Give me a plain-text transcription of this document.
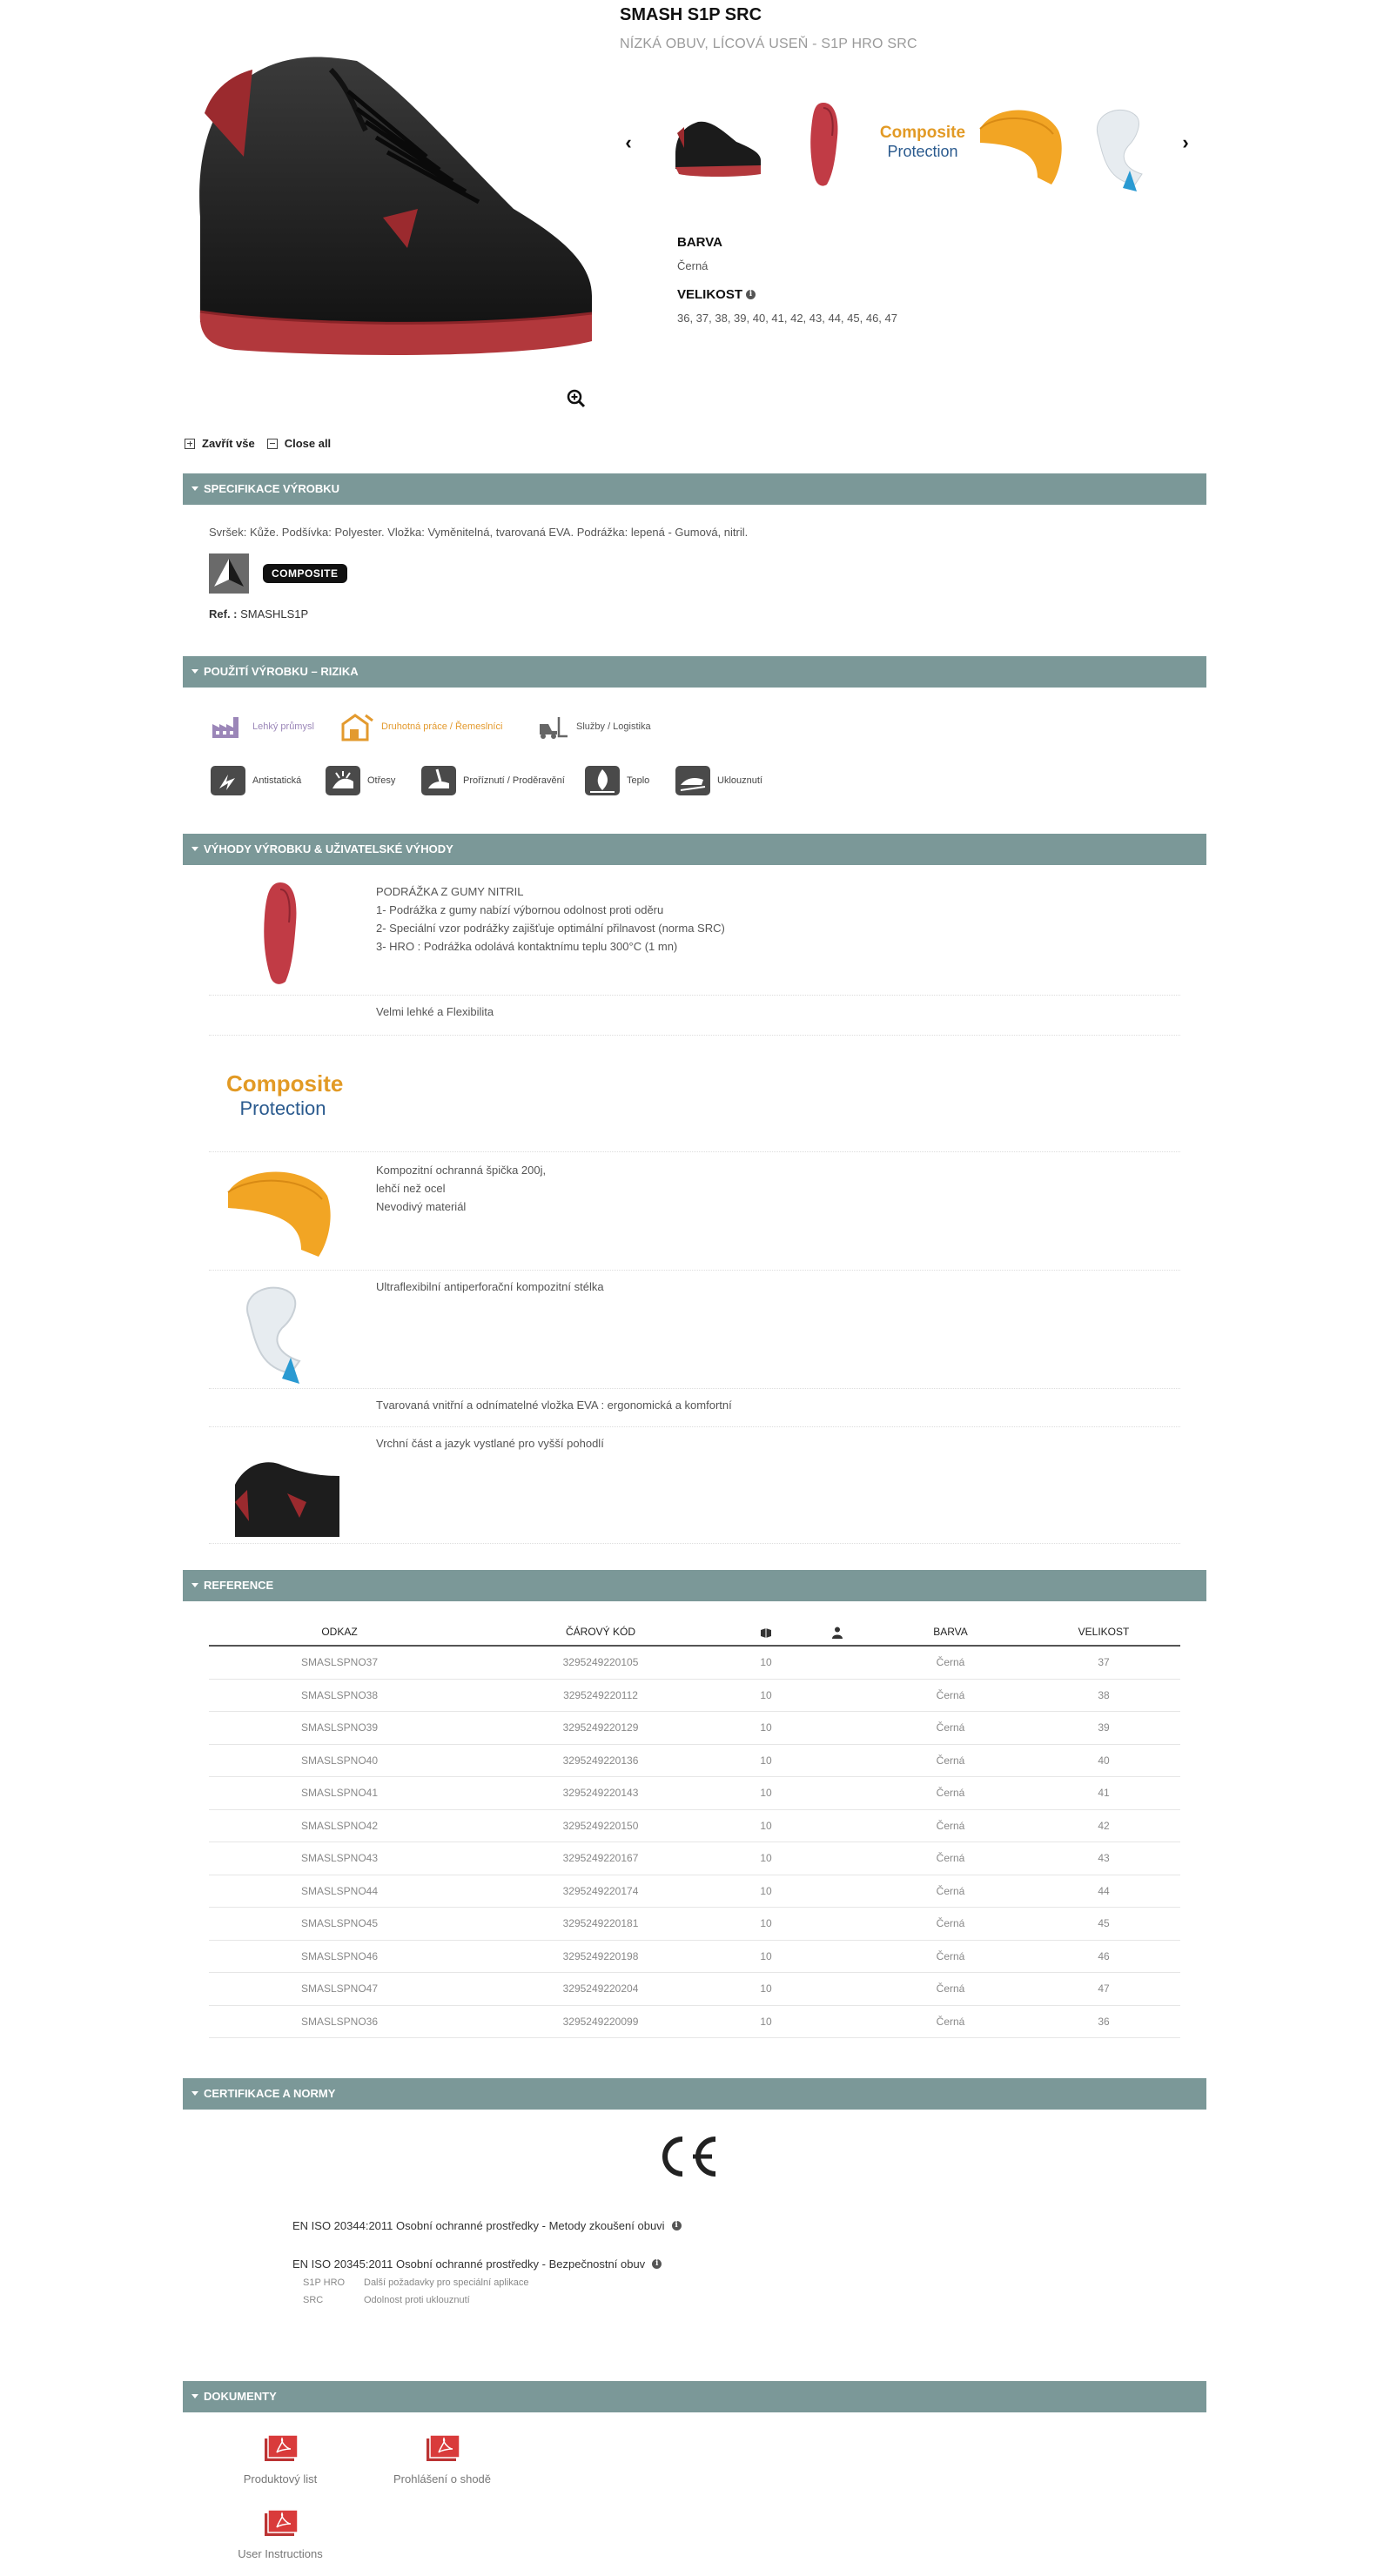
SMASH S1P SRC
NÍZKÁ OBUV, LÍCOVÁ USEŇ - S1P HRO SRC
‹	Composite
Protection	›
BARVA
Černá
VELIKOST i
36, 37, 38, 39, 40, 41, 42, 43, 44, 45, 46, 47
Zavřít vše	Close all
SPECIFIKACE VÝROBKU
Svršek: Kůže. Podšívka: Polyester. Vložka: Vyměnitelná, tvarovaná EVA. Podrážka: lepená - Gumová, nitril.
COMPOSITE
Ref. : SMASHLS1P
POUŽITÍ VÝROBKU – RIZIKA
Lehký průmysl	Druhotná práce / Řemeslníci	Služby / Logistika
Antistatická	Otřesy	Proříznutí / Proděravění	Teplo	Uklouznutí
VÝHODY VÝROBKU & UŽIVATELSKÉ VÝHODY
PODRÁŽKA Z GUMY NITRIL
1- Podrážka z gumy nabízí výbornou odolnost proti oděru
2- Speciální vzor podrážky zajišťuje optimální přilnavost (norma SRC)
3- HRO : Podrážka odolává kontaktnímu teplu 300°C (1 mn)
Velmi lehké a Flexibilita
Composite
Protection
Kompozitní ochranná špička 200j,
lehčí než ocel
Nevodivý materiál
Ultraflexibilní antiperforační kompozitní stélka
Tvarovaná vnitřní a odnímatelné vložka EVA : ergonomická a komfortní
Vrchní část a jazyk vystlané pro vyšší pohodlí
REFERENCE
ODKAZ	ČÁROVÝ KÓD	BARVA	VELIKOST
SMASLSPNO37	3295249220105	10	Černá	37
SMASLSPNO38	3295249220112	10	Černá	38
SMASLSPNO39	3295249220129	10	Černá	39
SMASLSPNO40	3295249220136	10	Černá	40
SMASLSPNO41	3295249220143	10	Černá	41
SMASLSPNO42	3295249220150	10	Černá	42
SMASLSPNO43	3295249220167	10	Černá	43
SMASLSPNO44	3295249220174	10	Černá	44
SMASLSPNO45	3295249220181	10	Černá	45
SMASLSPNO46	3295249220198	10	Černá	46
SMASLSPNO47	3295249220204	10	Černá	47
SMASLSPNO36	3295249220099	10	Černá	36
CERTIFIKACE A NORMY
EN ISO 20344:2011 Osobní ochranné prostředky - Metody zkoušení obuvi	i
EN ISO 20345:2011 Osobní ochranné prostředky - Bezpečnostní obuv	i
S1P HRO Další požadavky pro speciální aplikace
SRC	Odolnost proti uklouznutí
DOKUMENTY
Produktový list	Prohlášení o shodě
User Instructions
